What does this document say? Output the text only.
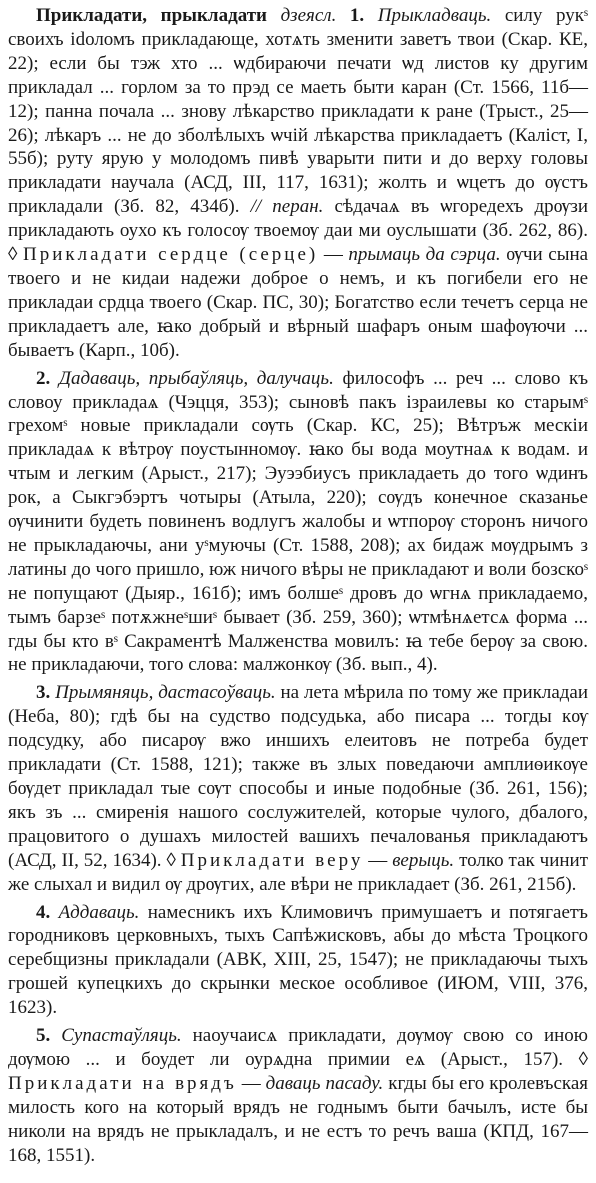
Прикладати, прыкладати дзеясл. 1. Прыкладваць. силу рукˢ своихъ idоломъ прикладающе, хотѧть зменити заветъ твои (Скар. КЕ, 22); если бы тэж хто ... ѡдбираючи печати ѡд листов ку другим прикладал ... горлом за то прэд се маеть быти каран (Ст. 1566, 11б—12); панна почала ... знову лѣкарство прикладати к ране (Трыст., 25—26); лѣкаръ ... не до зболѣлыхъ ѡчій лѣкарства прикладаетъ (Каліст, I, 55б); руту ярую у молодомъ пивѣ уварыти пити и до верху головы прикладати научала (АСД, III, 117, 1631); жолть и ѡцетъ до ѹстъ прикладали (Зб. 82, 434б). // перан. сѣдачаѧ въ ѡгоредехъ дрѹзи прикладають оухо къ голосѹ твоемѹ даи ми оуслышати (Зб. 262, 86). ◊ Прикладати сердце (серце) — прымаць да сэрца. ѹчи сына твоего и не кидаи надежи доброе о немъ, и къ погибели его не прикладаи срдца твоего (Скар. ПС, 30); Богатство если течетъ серца не прикладаетъ але, ꙗко добрый и вѣрный шафаръ оным шафѹючи ... бываетъ (Карп., 10б).

2. Дадаваць, прыбаўляць, далучаць. философъ ... реч ... слово къ словоу прикладаѧ (Чэцця, 353); сыновѣ пакъ ізраилевы ко старымˢ грехомˢ новые прикладали сѹть (Скар. КС, 25); Вѣтръж мескіи прикладаѧ к вѣтрѹ поустынномѹ. ꙗко бы вода моутнаѧ к водам. и чтым и легким (Арыст., 217); Эуээбиусъ прикладаеть до того ѡдинъ рок, а Сыкгэбэртъ чотыры (Атыла, 220); сѹдъ конечное сказанье ѹчинити будеть повиненъ водлугъ жалобы и ѡтпорѹ сторонъ ничого не прыкладаючы, ани уˢмуючы (Ст. 1588, 208); ах бидаж мѹдрымъ з латины до чого пришло, юж ничого вѣры не прикладают и воли бозскоˢ не попущают (Дыяр., 161б); имъ болшеˢ дровъ до ѡгнѧ прикладаемо, тымъ барзеˢ потѫжнеˢшиˢ бывает (Зб. 259, 360); ѡтмѣнѧетсѧ форма ... гды бы кто вˢ Сакраментѣ Малженства мовилъ: ꙗ тебе берѹ за свою. не прикладаючи, того слова: малжонкѹ (Зб. вып., 4).

3. Прымяняць, дастасоўваць. на лета мѣрила по тому же прикладаи (Неба, 80); гдѣ бы на судство подсудька, або писара ... тогды кѹ подсудку, або писарѹ вжо иншихъ елеитовъ не потреба будет прикладати (Ст. 1588, 121); также въ злых поведаючи амплиѳикѹе бѹдет прикладал тые сѹт способы и иные подобные (Зб. 261, 156); якъ зъ ... смиренія нашого сослужителей, которые чулого, дбалого, працовитого о душахъ милостей вашихъ печалованья прикладаютъ (АСД, II, 52, 1634). ◊ Прикладати веру — верыць. толко так чинит же слыхал и видил ѹ дрѹгих, але вѣри не прикладает (Зб. 261, 215б).

4. Аддаваць. намесникъ ихъ Климовичъ примушаетъ и потягаетъ городниковъ церковныхъ, тыхъ Сапѣжисковъ, абы до мѣста Троцкого серебщизны прикладали (АВК, XIII, 25, 1547); не прикладаючы тыхъ грошей купецкихъ до скрынки меское особливое (ИЮМ, VIII, 376, 1623).

5. Супастаўляць. наоучаисѧ прикладати, дѹмѹ свою со иною дѹмою ... и боудет ли оурѧдна примии еѧ (Арыст., 157). ◊ Прикладати на врядъ — даваць пасаду. кгды бы его кролевъская милость кого на который врядъ не годнымъ быти бачылъ, исте бы николи на врядъ не прыкладалъ, и не естъ то речъ ваша (КПД, 167—168, 1551).
